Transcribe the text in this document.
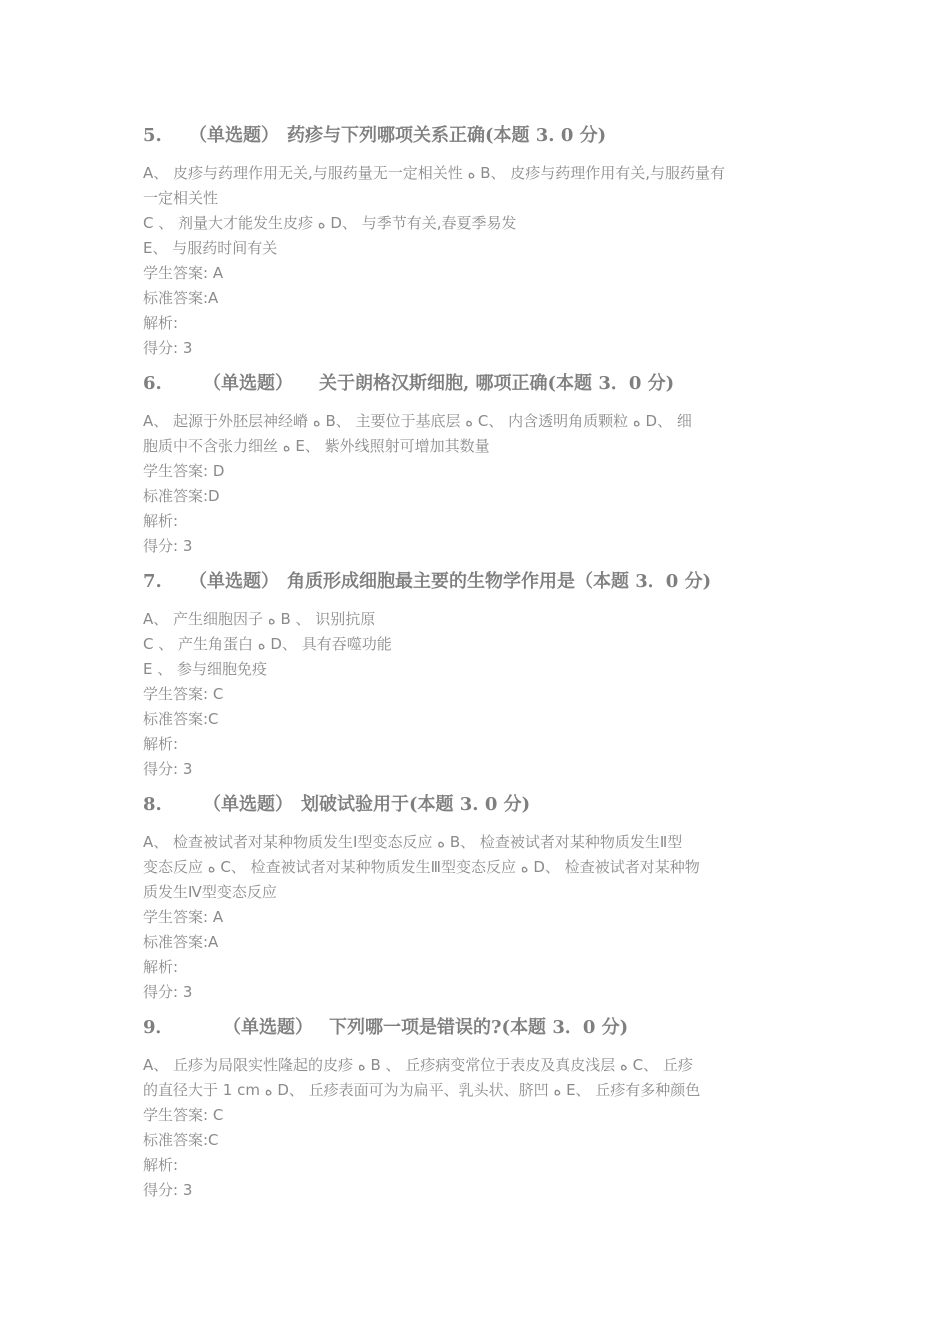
5. （单选题） 药疹与下列哪项关系正确(本题 3. 0 分)
A、 皮疹与药理作用无关,与服药量无一定相关性 ﻩ B、 皮疹与药理作用有关,与服药量有
一定相关性
C 、 剂量大才能发生皮疹 ﻩ D、 与季节有关,春夏季易发
E、 与服药时间有关
学生答案: A
标准答案:A
解析:
得分: 3
6. （单选题） 关于朗格汉斯细胞, 哪项正确(本题 3．0 分)
A、 起源于外胚层神经嵴 ﻩ B、 主要位于基底层 ﻩ C、 内含透明角质颗粒 ﻩ D、 细
胞质中不含张力细丝 ﻩ E、 紫外线照射可增加其数量
学生答案: D
标准答案:D
解析:
得分: 3
7. （单选题） 角质形成细胞最主要的生物学作用是（本题 3．0 分)
A、 产生细胞因子 ﻩ B 、 识别抗原
C 、 产生角蛋白 ﻩ D、 具有吞噬功能
E 、 参与细胞免疫
学生答案: C
标准答案:C
解析:
得分: 3
8. （单选题） 划破试验用于(本题 3. 0 分)
A、 检查被试者对某种物质发生Ⅰ型变态反应 ﻩ B、 检查被试者对某种物质发生Ⅱ型
变态反应 ﻩ C、 检查被试者对某种物质发生Ⅲ型变态反应 ﻩ D、 检查被试者对某种物
质发生Ⅳ型变态反应
学生答案: A
标准答案:A
解析:
得分: 3
9．	（单选题） 下列哪一项是错误的?(本题 3．0 分)
A、 丘疹为局限实性隆起的皮疹 ﻩ B 、 丘疹病变常位于表皮及真皮浅层 ﻩ C、 丘疹
的直径大于 1 cm ﻩ D、 丘疹表面可为为扁平、乳头状、脐凹 ﻩ E、 丘疹有多种颜色
学生答案: C
标准答案:C
解析:
得分: 3
